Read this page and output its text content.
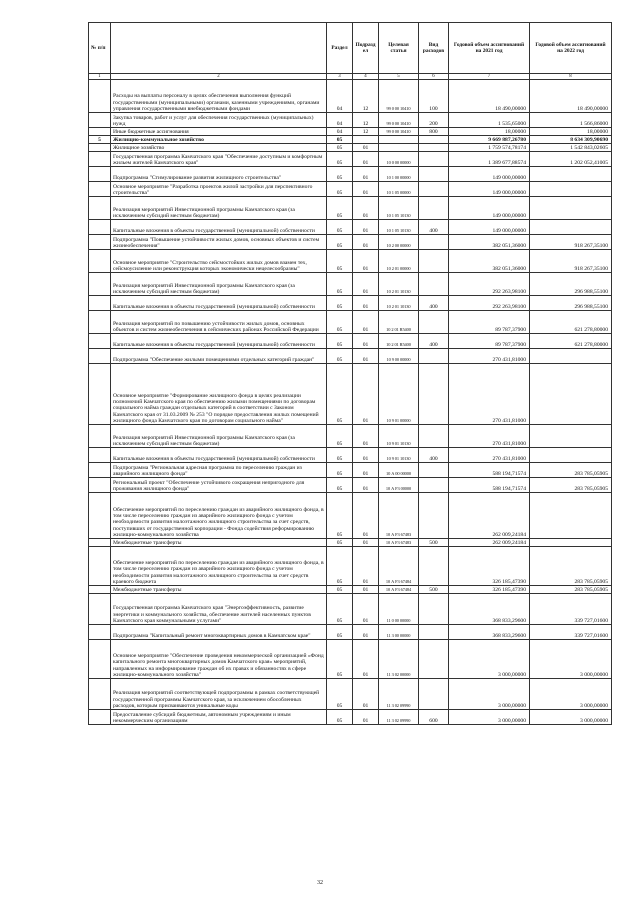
№ п/п		Раздел	Подраздел	Целевая статья	Вид расходов	Годовой объем ассигнований на 2021 год	Годовой объем ассигнований на 2022 год
1	2	3	4	5	6	7	8
	Расходы на выплаты персоналу в целях обеспечения выполнения функций государственными (муниципальными) органами, казенными учреждениями, органами управления государственными внебюджетными фондами	04	12	99 0 00 10410	100	18 490,00000	18 490,00000
	Закупка товаров, работ и услуг для обеспечения государственных (муниципальных) нужд	04	12	99 0 00 10410	200	1 535,65000	1 566,86000
	Иные бюджетные ассигнования	04	12	99 0 00 10410	800	18,00000	18,00000
5	Жилищно-коммунальное хозяйство	05				9 669 887,26780	8 634 309,90690
	Жилищное хозяйство	05	01			1 759 574,78174	1 542 843,02605
	Государственная программа Камчатского края "Обеспечение доступным и комфортным жильем жителей Камчатского края"	05	01	10 0 00 00000		1 389 677,88574	1 202 052,41005
	Подпрограмма "Стимулирование развития жилищного строительства"	05	01	10 1 00 00000		149 000,00000	
	Основное мероприятие "Разработка проектов жилой застройки для перспективного строительства"	05	01	10 1 05 00000		149 000,00000	
	Реализация мероприятий Инвестиционной программы Камчатского края (за исключением субсидий местным бюджетам)	05	01	10 1 05 10130		149 000,00000	
	Капитальные вложения в объекты государственной (муниципальной) собственности	05	01	10 1 05 10130	400	149 000,00000	
	Подпрограмма "Повышение устойчивости жилых домов, основных объектов и систем жизнеобеспечения"	05	01	10 2 00 00000		382 051,36000	918 267,35100
	Основное мероприятие "Строительство сейсмостойких жилых домов взамен тех, сейсмоусиление или реконструкция которых экономически нецелесообразны"	05	01	10 2 01 00000		382 051,36000	918 267,35100
	Реализация мероприятий Инвестиционной программы Камчатского края (за исключением субсидий местным бюджетам)	05	01	10 2 01 10130		292 263,98100	296 988,55100
	Капитальные вложения в объекты государственной (муниципальной) собственности	05	01	10 2 01 10130	400	292 263,98100	296 988,55100
	Реализация мероприятий по повышению устойчивости жилых домов, основных объектов и систем жизнеобеспечения в сейсмических районах Российской Федерации	05	01	10 2 01 R5400		89 787,37900	621 278,80000
	Капитальные вложения в объекты государственной (муниципальной) собственности	05	01	10 2 01 R5400	400	89 787,37900	621 278,80000
	Подпрограмма "Обеспечение жилыми помещениями отдельных категорий граждан"	05	01	10 9 00 00000		270 431,81000	
	Основное мероприятие "Формирование жилищного фонда в целях реализации полномочий Камчатского края по обеспечению жилыми помещениями по договорам социального найма граждан отдельных категорий в соответствии с Законом Камчатского края от 31.03.2009 № 253 "О порядке предоставления жилых помещений жилищного фонда Камчатского края по договорам социального найма"	05	01	10 9 01 00000		270 431,81000	
	Реализация мероприятий Инвестиционной программы Камчатского края (за исключением субсидий местным бюджетам)	05	01	10 9 01 10130		270 431,81000	
	Капитальные вложения в объекты государственной (муниципальной) собственности	05	01	10 9 01 10130	400	270 431,81000	
	Подпрограмма "Региональная адресная программа по переселению граждан из аварийного жилищного фонда"	05	01	10 А 00 00000		588 194,71574	283 785,05905
	Региональный проект "Обеспечение устойчивого сокращения непригодного для проживания жилищного фонда"	05	01	10 А F3 00000		588 194,71574	283 785,05905
	Обеспечение мероприятий по переселению граждан из аварийного жилищного фонда, в том числе переселению граждан из аварийного жилищного фонда с учетом необходимости развития малоэтажного жилищного строительства за счет средств, поступивших от государственной корпорации - Фонда содействия реформированию жилищно-коммунального хозяйства	05	01	10 А F3 67483		262 009,24184	
	Межбюджетные трансферты	05	01	10 А F3 67483	500	262 009,24184	
	Обеспечение мероприятий по переселению граждан из аварийного жилищного фонда, в том числе переселению граждан из аварийного жилищного фонда с учетом необходимости развития малоэтажного жилищного строительства за счет средств краевого бюджета	05	01	10 А F3 67484		326 185,47390	283 785,05905
	Межбюджетные трансферты	05	01	10 А F3 67484	500	326 185,47390	283 785,05905
	Государственная программа Камчатского края "Энергоэффективность, развитие энергетики и коммунального хозяйства, обеспечение жителей населенных пунктов Камчатского края коммунальными услугами"	05	01	11 0 00 00000		368 833,29600	339 727,01600
	Подпрограмма "Капитальный ремонт многоквартирных домов в Камчатском крае"	05	01	11 3 00 00000		368 833,29600	339 727,01600
	Основное мероприятие "Обеспечение проведения некоммерческой организацией «Фонд капитального ремонта многоквартирных домов Камчатского края» мероприятий, направленных на информирование граждан об их правах и обязанностях в сфере жилищно-коммунального хозяйства"	05	01	11 3 02 00000		3 000,00000	3 000,00000
	Реализация мероприятий соответствующей подпрограммы в рамках соответствующей государственной программы Камчатского края, за исключением обособленных расходов, которым присваиваются уникальные коды	05	01	11 3 02 09990		3 000,00000	3 000,00000
	Предоставление субсидий бюджетным, автономным учреждениям и иным некоммерческим организациям	05	01	11 3 02 09990	600	3 000,00000	3 000,00000
32
